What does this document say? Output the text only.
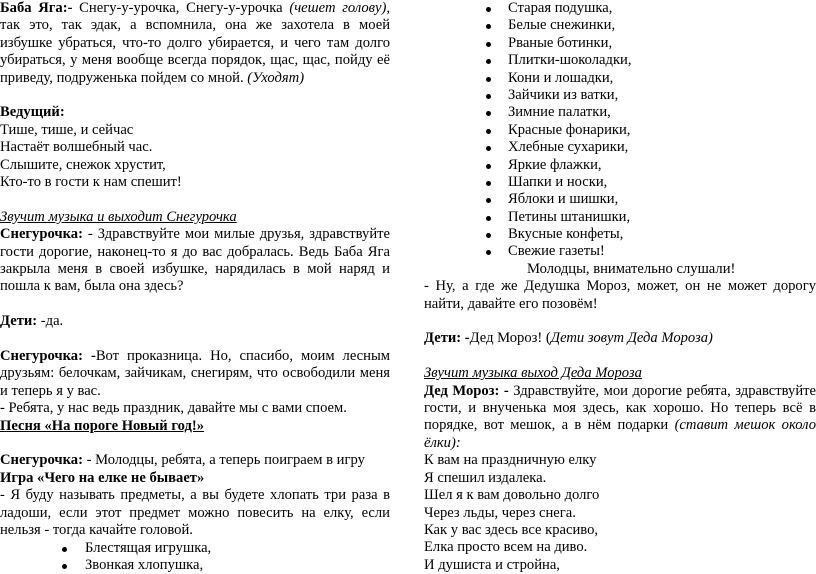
Баба Яга:- Снегу-у-урочка, Снегу-у-урочка (чешет голову), так это, так эдак, а вспомнила, она же захотела в моей избушке убраться, что-то долго убирается, и чего там долго убираться, у меня вообще всегда порядок, щас, щас, пойду её приведу, подруженька пойдем со мной. (Уходят)

Ведущий:

Тише, тише, и сейчас

Настаёт волшебный час.

Слышите, снежок хрустит,

Кто-то в гости к нам спешит!

Звучит музыка и выходит Снегурочка

Снегурочка: - Здравствуйте мои милые друзья, здравствуйте гости дорогие, наконец-то я до вас добралась. Ведь Баба Яга закрыла меня в своей избушке, нарядилась в мой наряд и пошла к вам, была она здесь?

Дети: -да.

Снегурочка: -Вот проказница. Но, спасибо, моим лесным друзьям: белочкам, зайчикам, снегирям, что освободили меня и теперь я у вас.

- Ребята, у нас ведь праздник, давайте мы с вами споем.

Песня «На пороге Новый год!»

Снегурочка: - Молодцы, ребята, а теперь поиграем в игру

Игра «Чего на елке не бывает»

- Я буду называть предметы, а вы будете хлопать три раза в ладоши, если этот предмет можно повесить на елку, если нельзя - тогда качайте головой.

Блестящая игрушка,
Звонкая хлопушка,
Старая подушка,
Белые снежинки,
Рваные ботинки,
Плитки-шоколадки,
Кони и лошадки,
Зайчики из ватки,
Зимние палатки,
Красные фонарики,
Хлебные сухарики,
Яркие флажки,
Шапки и носки,
Яблоки и шишки,
Петины штанишки,
Вкусные конфеты,
Свежие газеты!

Молодцы, внимательно слушали!

- Ну, а где же Дедушка Мороз, может, он не может дорогу найти, давайте его позовём!

Дети: -Дед Мороз! (Дети зовут Деда Мороза)

Звучит музыка выход Деда Мороза

Дед Мороз: - Здравствуйте, мои дорогие ребята, здравствуйте гости, и внученька моя здесь, как хорошо. Но теперь всё в порядке, вот мешок, а в нём подарки (ставит мешок около ёлки):

К вам на праздничную елку

Я спешил издалека.

Шел я к вам довольно долго

Через льды, через снега.

Как у вас здесь все красиво,

Елка просто всем на диво.

И душиста и стройна,
